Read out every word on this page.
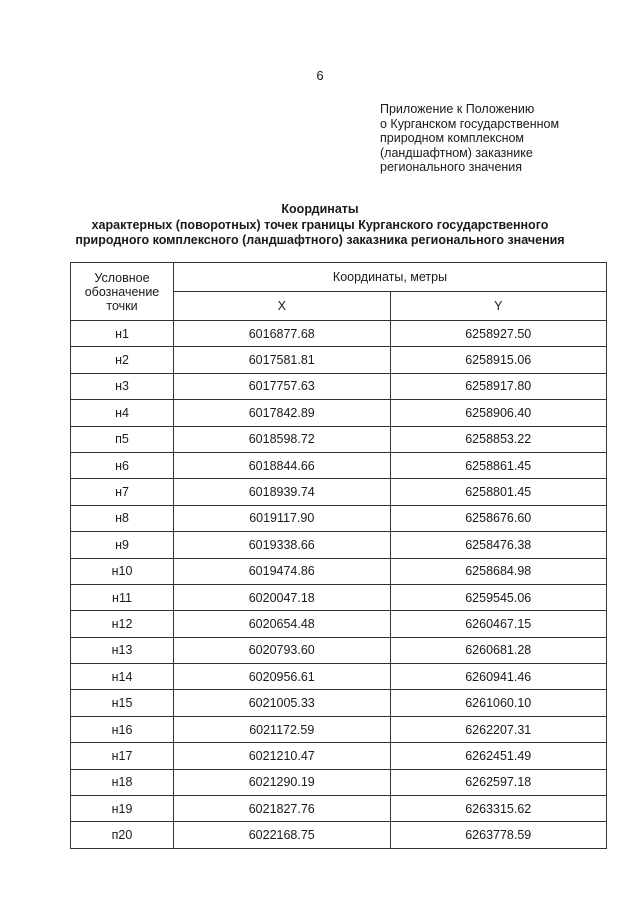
6
Приложение к Положению
о Курганском государственном
природном комплексном
(ландшафтном) заказнике
регионального значения
Координаты
характерных (поворотных) точек границы Курганского государственного
природного комплексного (ландшафтного) заказника регионального значения
Условное
обозначение
точки	Координаты, метры	
	X	Y
н1	6016877.68	6258927.50
н2	6017581.81	6258915.06
н3	6017757.63	6258917.80
н4	6017842.89	6258906.40
п5	6018598.72	6258853.22
н6	6018844.66	6258861.45
н7	6018939.74	6258801.45
н8	6019117.90	6258676.60
н9	6019338.66	6258476.38
н10	6019474.86	6258684.98
н11	6020047.18	6259545.06
н12	6020654.48	6260467.15
н13	6020793.60	6260681.28
н14	6020956.61	6260941.46
н15	6021005.33	6261060.10
н16	6021172.59	6262207.31
н17	6021210.47	6262451.49
н18	6021290.19	6262597.18
н19	6021827.76	6263315.62
п20	6022168.75	6263778.59
